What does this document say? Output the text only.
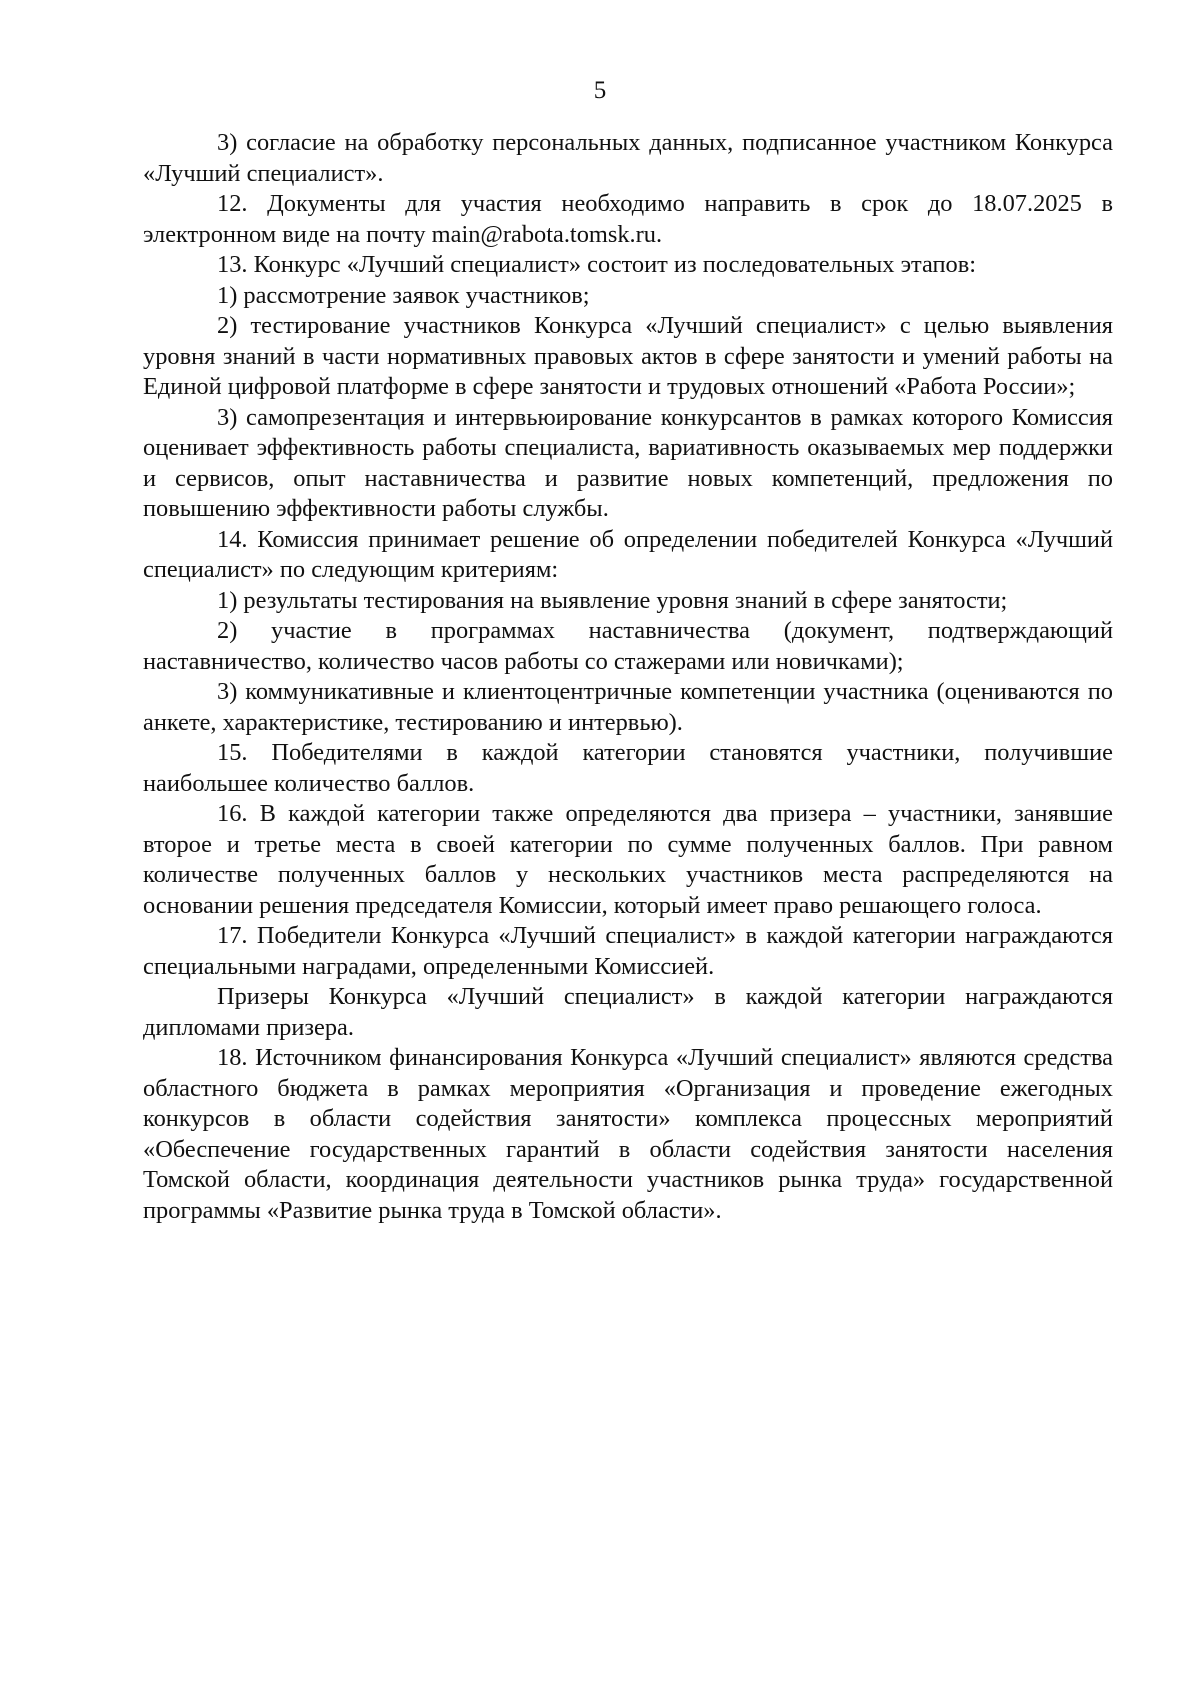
5

3) согласие на обработку персональных данных, подписанное участником Конкурса «Лучший специалист».

12. Документы для участия необходимо направить в срок до 18.07.2025 в электронном виде на почту main@rabota.tomsk.ru.

13. Конкурс «Лучший специалист» состоит из последовательных этапов:

1) рассмотрение заявок участников;

2) тестирование участников Конкурса «Лучший специалист» с целью выявления уровня знаний в части нормативных правовых актов в сфере занятости и умений работы на Единой цифровой платформе в сфере занятости и трудовых отношений «Работа России»;

3) самопрезентация и интервьюирование конкурсантов в рамках которого Комиссия оценивает эффективность работы специалиста, вариативность оказываемых мер поддержки и сервисов, опыт наставничества и развитие новых компетенций, предложения по повышению эффективности работы службы.

14. Комиссия принимает решение об определении победителей Конкурса «Лучший специалист» по следующим критериям:

1) результаты тестирования на выявление уровня знаний в сфере занятости;

2) участие в программах наставничества (документ, подтверждающий наставничество, количество часов работы со стажерами или новичками);

3) коммуникативные и клиентоцентричные компетенции участника (оцениваются по анкете, характеристике, тестированию и интервью).

15. Победителями в каждой категории становятся участники, получившие наибольшее количество баллов.

16. В каждой категории также определяются два призера – участники, занявшие второе и третье места в своей категории по сумме полученных баллов. При равном количестве полученных баллов у нескольких участников места распределяются на основании решения председателя Комиссии, который имеет право решающего голоса.

17. Победители Конкурса «Лучший специалист» в каждой категории награждаются специальными наградами, определенными Комиссией.

Призеры Конкурса «Лучший специалист» в каждой категории награждаются дипломами призера.

18. Источником финансирования Конкурса «Лучший специалист» являются средства областного бюджета в рамках мероприятия «Организация и проведение ежегодных конкурсов в области содействия занятости» комплекса процессных мероприятий «Обеспечение государственных гарантий в области содействия занятости населения Томской области, координация деятельности участников рынка труда» государственной программы «Развитие рынка труда в Томской области».
